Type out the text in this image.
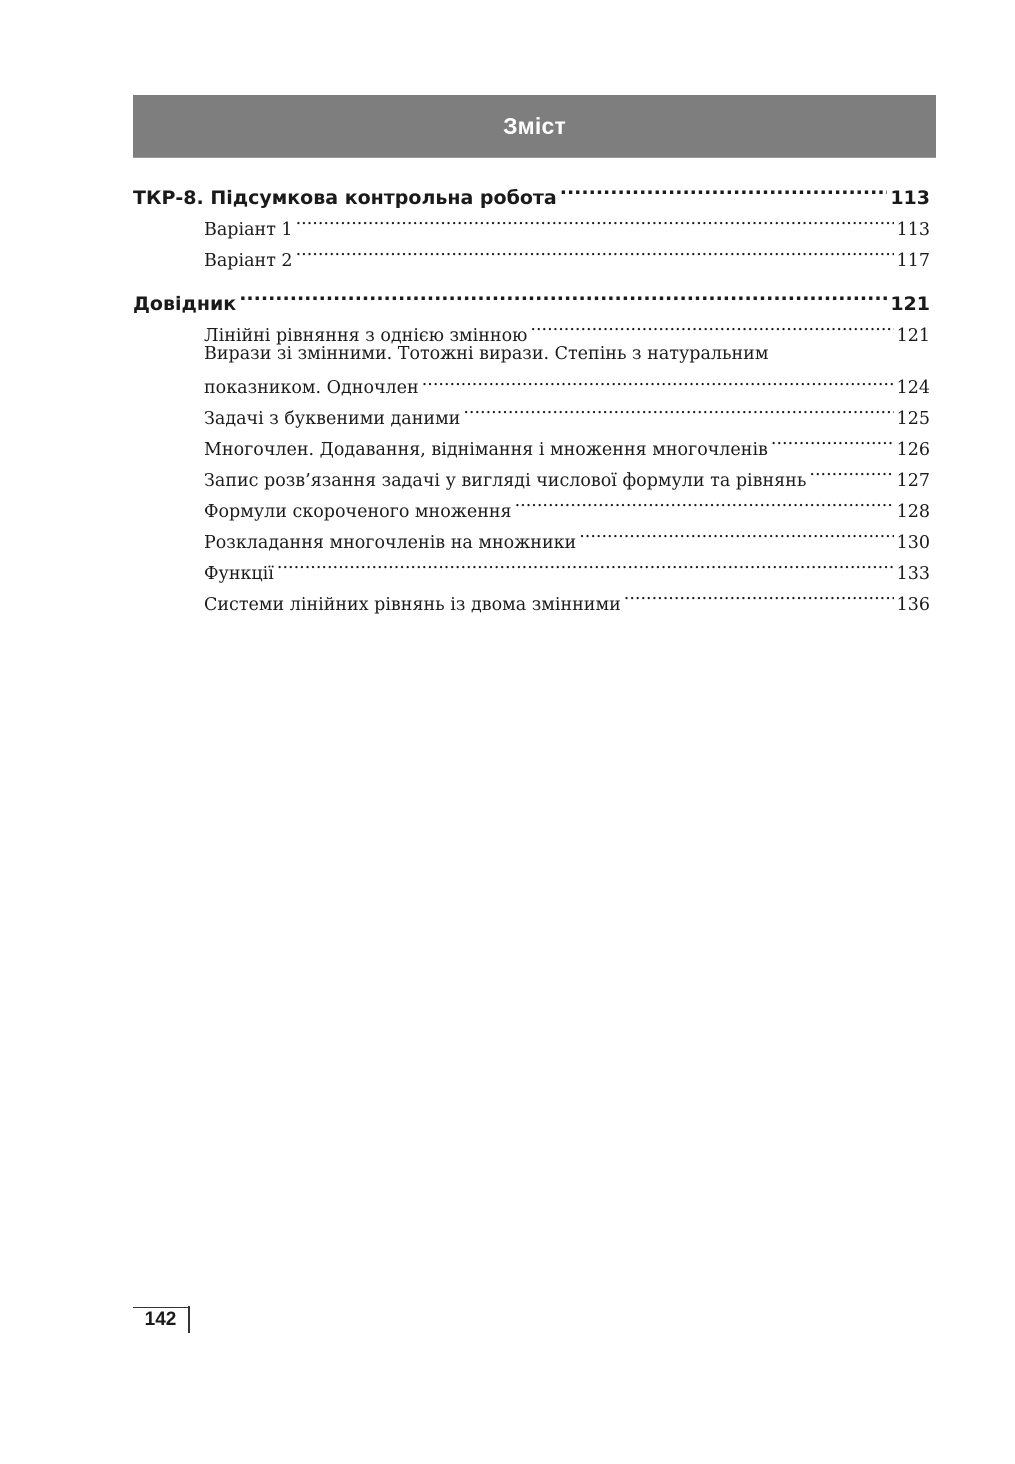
Зміст
ТКР-8. Підсумкова контрольна робота .....	113
Варіант 1 .....	113
Варіант 2 .....	117
Довідник .....	121
Лінійні рівняння з однією змінною .....	121
Вирази зі змінними. Тотожні вирази. Степінь з натуральним
показником. Одночлен .....	124
Задачі з буквеними даними .....	125
Многочлен. Додавання, віднімання і множення многочленів .....	126
Запис розв’язання задачі у вигляді числової формули та рівнянь .....	127
Формули скороченого множення .....	128
Розкладання многочленів на множники .....	130
Функції .....	133
Системи лінійних рівнянь із двома змінними .....	136
142
